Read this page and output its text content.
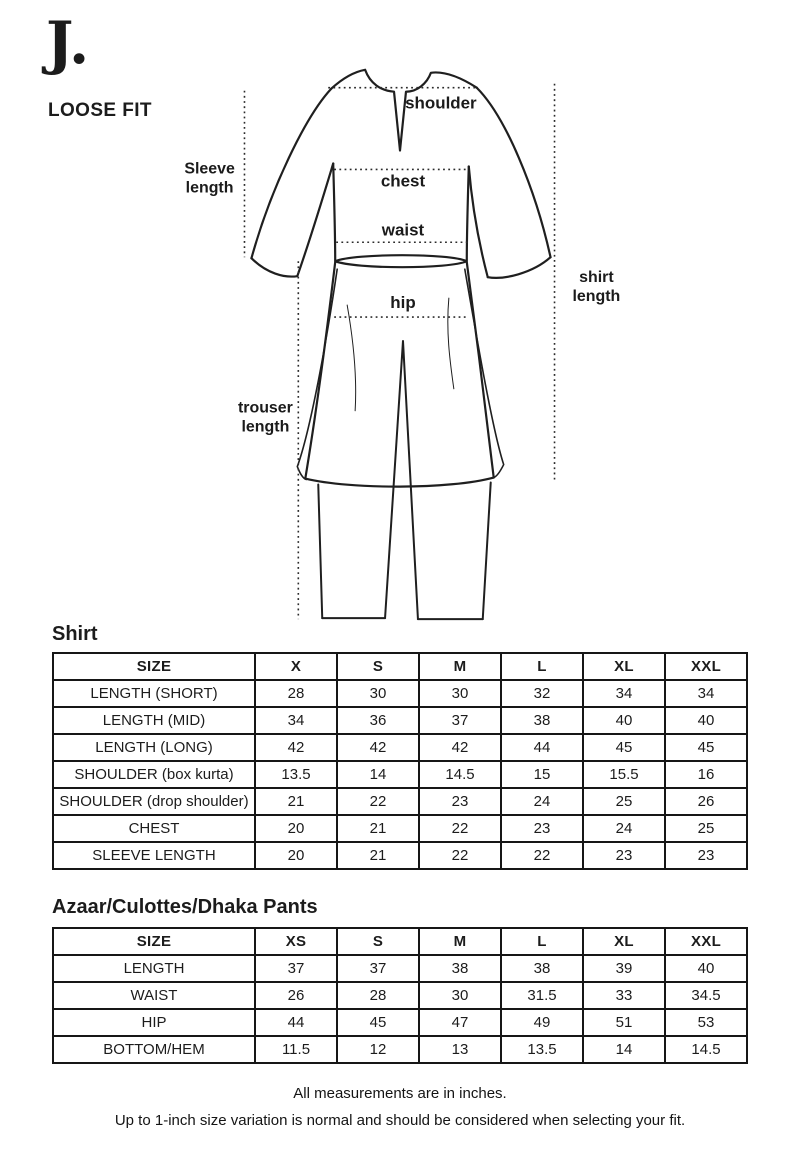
J.
LOOSE FIT	shoulder
chest
waist
hip
Sleeve
length
trouser
length
shirt
length
Shirt
SIZE	X	S	M	L	XL	XXL
LENGTH (SHORT)	28	30	30	32	34	34
LENGTH (MID)	34	36	37	38	40	40
LENGTH (LONG)	42	42	42	44	45	45
SHOULDER (box kurta)	13.5	14	14.5	15	15.5	16
SHOULDER (drop shoulder)	21	22	23	24	25	26
CHEST	20	21	22	23	24	25
SLEEVE LENGTH	20	21	22	22	23	23
Azaar/Culottes/Dhaka Pants
SIZE	XS	S	M	L	XL	XXL
LENGTH	37	37	38	38	39	40
WAIST	26	28	30	31.5	33	34.5
HIP	44	45	47	49	51	53
BOTTOM/HEM	11.5	12	13	13.5	14	14.5
All measurements are in inches.
Up to 1-inch size variation is normal and should be considered when selecting your fit.
